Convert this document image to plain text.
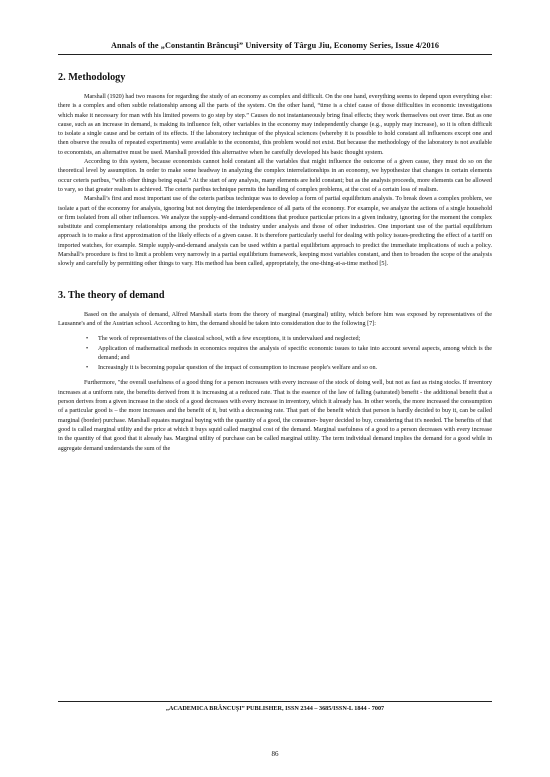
Annals of the „Constantin Brâncuşi” University of Târgu Jiu, Economy Series, Issue 4/2016
2. Methodology

Marshall (1920) had two reasons for regarding the study of an economy as complex and difficult. On the one hand, everything seems to depend upon everything else: there is a complex and often subtle relationship among all the parts of the system. On the other hand, “time is a chief cause of those difficulties in economic investigations which make it necessary for man with his limited powers to go step by step.” Causes do not instantaneously bring final effects; they work themselves out over time. But as one cause, such as an increase in demand, is making its influence felt, other variables in the economy may independently change (e.g., supply may increase), so it is often difficult to isolate a single cause and be certain of its effects. If the laboratory technique of the physical sciences (whereby it is possible to hold constant all influences except one and then observe the results of repeated experiments) were available to the economist, this problem would not exist. But because the methodology of the laboratory is not available to economists, an alternative must be used. Marshall provided this alternative when he carefully developed his basic thought system.

According to this system, because economists cannot hold constant all the variables that might influence the outcome of a given cause, they must do so on the theoretical level by assumption. In order to make some headway in analyzing the complex interrelationships in an economy, we hypothesize that changes in certain elements occur ceteris paribus, “with other things being equal.” At the start of any analysis, many elements are held constant; but as the analysis proceeds, more elements can be allowed to vary, so that greater realism is achieved. The ceteris paribus technique permits the handling of complex problems, at the cost of a certain loss of realism.

Marshall’s first and most important use of the ceteris paribus technique was to develop a form of partial equilibrium analysis. To break down a complex problem, we isolate a part of the economy for analysis, ignoring but not denying the interdependence of all parts of the economy. For example, we analyze the actions of a single household or firm isolated from all other influences. We analyze the supply-and-demand conditions that produce particular prices in a given industry, ignoring for the moment the complex substitute and complementary relationships among the products of the industry under analysis and those of other industries. One important use of the partial equilibrium approach is to make a first approximation of the likely effects of a given cause. It is therefore particularly useful for dealing with policy issues-predicting the effect of a tariff on imported watches, for example. Simple supply-and-demand analysis can be used within a partial equilibrium approach to predict the immediate implications of such a policy. Marshall’s procedure is first to limit a problem very narrowly in a partial equilibrium framework, keeping most variables constant, and then to broaden the scope of the analysis slowly and carefully by permitting other things to vary. His method has been called, appropriately, the one-thing-at-a-time method [5].

3. The theory of demand

Based on the analysis of demand, Alfred Marshall starts from the theory of marginal (marginal) utility, which before him was exposed by representatives of the Lausanne's and of the Austrian school. According to him, the demand should be taken into consideration due to the following [7]:

• The work of representatives of the classical school, with a few exceptions, it is undervalued and neglected;
• Application of mathematical methods in economics requires the analysis of specific economic issues to take into account several aspects, among which is the demand; and
• Increasingly it is becoming popular question of the impact of consumption to increase people's welfare and so on.

Furthermore, "the overall usefulness of a good thing for a person increases with every increase of the stock of doing well, but not as fast as rising stocks. If inventory increases at a uniform rate, the benefits derived from it is increasing at a reduced rate. That is the essence of the law of falling (saturated) benefit - the additional benefit that a person derives from a given increase in the stock of a good decreases with every increase in inventory, which it already has. In other words, the more increased the consumption of a particular good is – the more increases and the benefit of it, but with a decreasing rate. That part of the benefit which that person is hardly decided to buy it, can be called marginal (border) purchase. Marshall equates marginal buying with the quantity of a good, the consumer- buyer decided to buy, considering that it's needed. The benefits of that good is called marginal utility and the price at which it buys squid called marginal cost of the demand. Marginal usefulness of a good to a person decreases with every increase in the quantity of that good that it already has. Marginal utility of purchase can be called marginal utility. The term individual demand implies the demand for a good while in aggregate demand understands the sum of the

„ACADEMICA BRÂNCUŞI” PUBLISHER, ISSN 2344 – 3685/ISSN-L 1844 - 7007
86
